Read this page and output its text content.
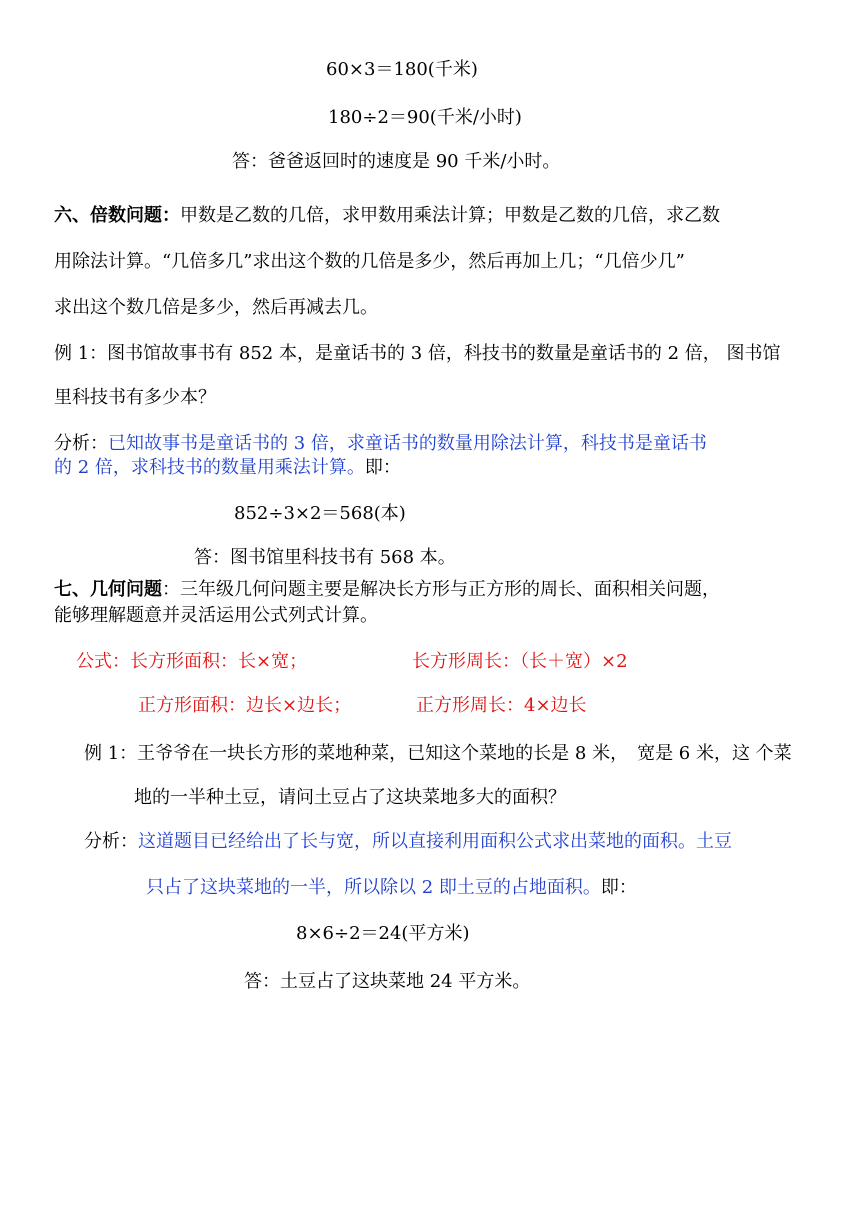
60×3＝180(千米)
180÷2＝90(千米/小时)
答：爸爸返回时的速度是 90 千米/小时。
六、倍数问题：甲数是乙数的几倍，求甲数用乘法计算；甲数是乙数的几倍，求乙数
用除法计算。“几倍多几”求出这个数的几倍是多少，然后再加上几；“几倍少几”
求出这个数几倍是多少，然后再减去几。
例 1：图书馆故事书有 852 本，是童话书的 3 倍，科技书的数量是童话书的 2 倍， 图书馆
里科技书有多少本？
分析：已知故事书是童话书的 3 倍，求童话书的数量用除法计算，科技书是童话书
的 2 倍，求科技书的数量用乘法计算。即：
852÷3×2＝568(本)
答：图书馆里科技书有 568 本。
七、几何问题：三年级几何问题主要是解决长方形与正方形的周长、面积相关问题，
能够理解题意并灵活运用公式列式计算。
公式：长方形面积：长×宽；	长方形周长：（长＋宽）×2
正方形面积：边长×边长；	正方形周长：4×边长
例 1：王爷爷在一块长方形的菜地种菜，已知这个菜地的长是 8 米，　宽是 6 米，这 个菜
地的一半种土豆，请问土豆占了这块菜地多大的面积？
分析：这道题目已经给出了长与宽，所以直接利用面积公式求出菜地的面积。土豆
只占了这块菜地的一半，所以除以 2 即土豆的占地面积。即：
8×6÷2＝24(平方米)
答：土豆占了这块菜地 24 平方米。
